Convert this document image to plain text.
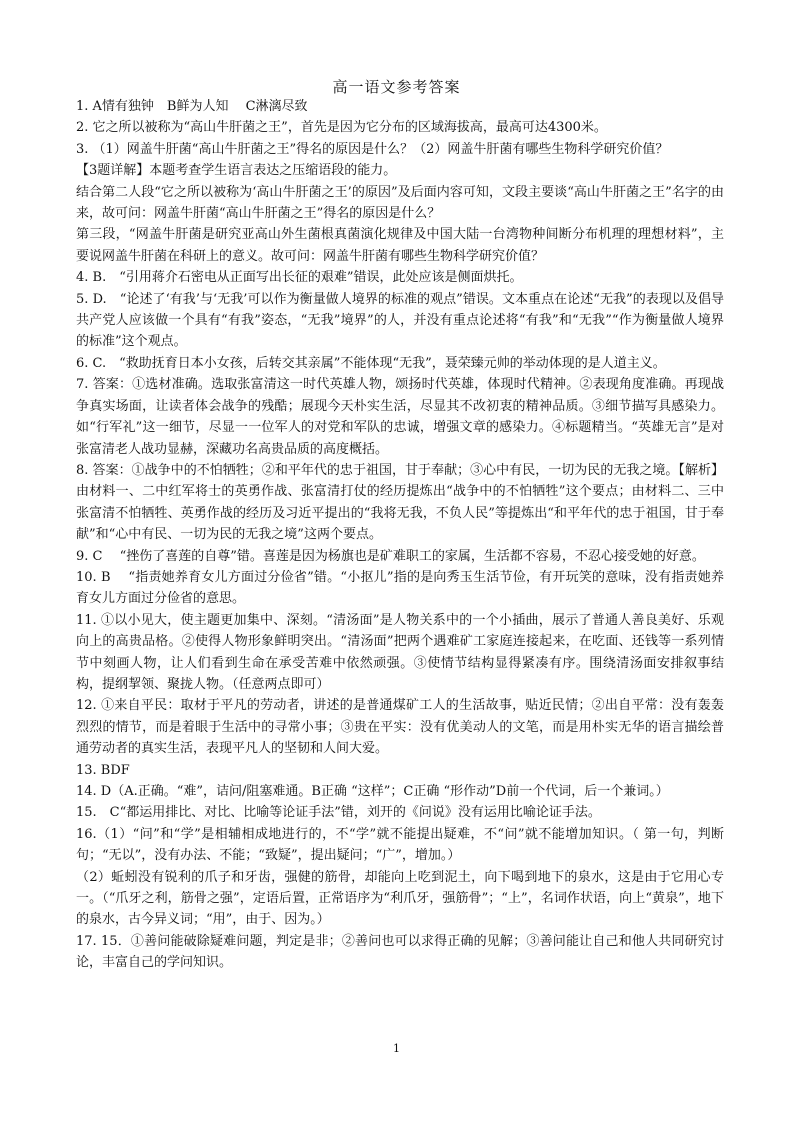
高一语文参考答案

1. A情有独钟　B鲜为人知　 C淋漓尽致

2. 它之所以被称为“高山牛肝菌之王”，首先是因为它分布的区域海拔高，最高可达4300米。

3. （1）网盖牛肝菌“高山牛肝菌之王”得名的原因是什么？（2）网盖牛肝菌有哪些生物科学研究价值？

【3题详解】本题考查学生语言表达之压缩语段的能力。

结合第二人段“它之所以被称为‘高山牛肝菌之王’的原因”及后面内容可知，文段主要谈“高山牛肝菌之王”名字的由来，故可问：网盖牛肝菌“高山牛肝菌之王”得名的原因是什么？

第三段，“网盖牛肝菌是研究亚高山外生菌根真菌演化规律及中国大陆一台湾物种间断分布机理的理想材料”，主要说网盖牛肝菌在科研上的意义。故可问：网盖牛肝菌有哪些生物科学研究价值？

4. B.　“引用蒋介石密电从正面写出长征的艰难”错误，此处应该是侧面烘托。

5. D.　“论述了‘有我’与‘无我’可以作为衡量做人境界的标准的观点”错误。文本重点在论述“无我”的表现以及倡导共产党人应该做一个具有“有我”姿态，“无我”境界”的人，并没有重点论述将“有我”和“无我”“作为衡量做人境界的标准”这个观点。

6. C.　“救助抚育日本小女孩，后转交其亲属”不能体现“无我”，聂荣臻元帅的举动体现的是人道主义。

7. 答案：①选材准确。选取张富清这一时代英雄人物，颂扬时代英雄，体现时代精神。②表现角度准确。再现战争真实场面，让读者体会战争的残酷；展现今天朴实生活，尽显其不改初衷的精神品质。③细节描写具感染力。如“行军礼”这一细节，尽显一一位军人的对党和军队的忠诚，增强文章的感染力。④标题精当。“英雄无言”是对张富清老人战功显赫，深藏功名高贵品质的高度概括。

8. 答案：①战争中的不怕牺牲；②和平年代的忠于祖国，甘于奉献；③心中有民，一切为民的无我之境。【解析】由材料一、二中红军将士的英勇作战、张富清打仗的经历提炼出“战争中的不怕牺牲”这个要点；由材料二、三中张富清不怕牺牲、英勇作战的经历及习近平提出的“我将无我，不负人民”等提炼出“和平年代的忠于祖国，甘于奉献”和“心中有民、一切为民的无我之境”这两个要点。

9. C　 “挫伤了喜莲的自尊”错。喜莲是因为杨旗也是矿难职工的家属，生活都不容易，不忍心接受她的好意。

10. B　 “指责她养育女儿方面过分俭省”错。“小抠儿”指的是向秀玉生活节俭，有开玩笑的意味，没有指责她养育女儿方面过分俭省的意思。

11. ①以小见大，使主题更加集中、深刻。“清汤面”是人物关系中的一个小插曲，展示了普通人善良美好、乐观向上的高贵品格。②使得人物形象鲜明突出。“清汤面”把两个遇难矿工家庭连接起来，在吃面、还钱等一系列情节中刻画人物，让人们看到生命在承受苦难中依然顽强。③使情节结构显得紧凑有序。围绕清汤面安排叙事结构，提纲挈领、聚拢人物。（任意两点即可）

12. ①来自平民：取材于平凡的劳动者，讲述的是普通煤矿工人的生活故事，贴近民情；②出自平常：没有轰轰烈烈的情节，而是着眼于生活中的寻常小事；③贵在平实：没有优美动人的文笔，而是用朴实无华的语言描绘普通劳动者的真实生活，表现平凡人的坚韧和人间大爱。

13. BDF

14. D（A.正确。“难”，诘问/阻塞难通。B正确 “这样”；C正确 “形作动”D前一个代词，后一个兼词。）

15.　C“都运用排比、对比、比喻等论证手法”错，刘开的《问说》没有运用比喻论证手法。

16.（1）“问”和“学”是相辅相成地进行的，不“学”就不能提出疑难，不“问”就不能增加知识。（ 第一句，判断句；“无以”，没有办法、不能；“致疑”，提出疑问；“广”，增加。）

（2）蚯蚓没有锐利的爪子和牙齿，强健的筋骨，却能向上吃到泥土，向下喝到地下的泉水，这是由于它用心专一。（“爪牙之利，筋骨之强”，定语后置，正常语序为“利爪牙，强筋骨”；“上”，名词作状语，向上“黄泉”，地下的泉水，古今异义词；“用”，由于、因为。）

17. 15．①善问能破除疑难问题，判定是非；②善问也可以求得正确的见解；③善问能让自己和他人共同研究讨论，丰富自己的学问知识。

1
